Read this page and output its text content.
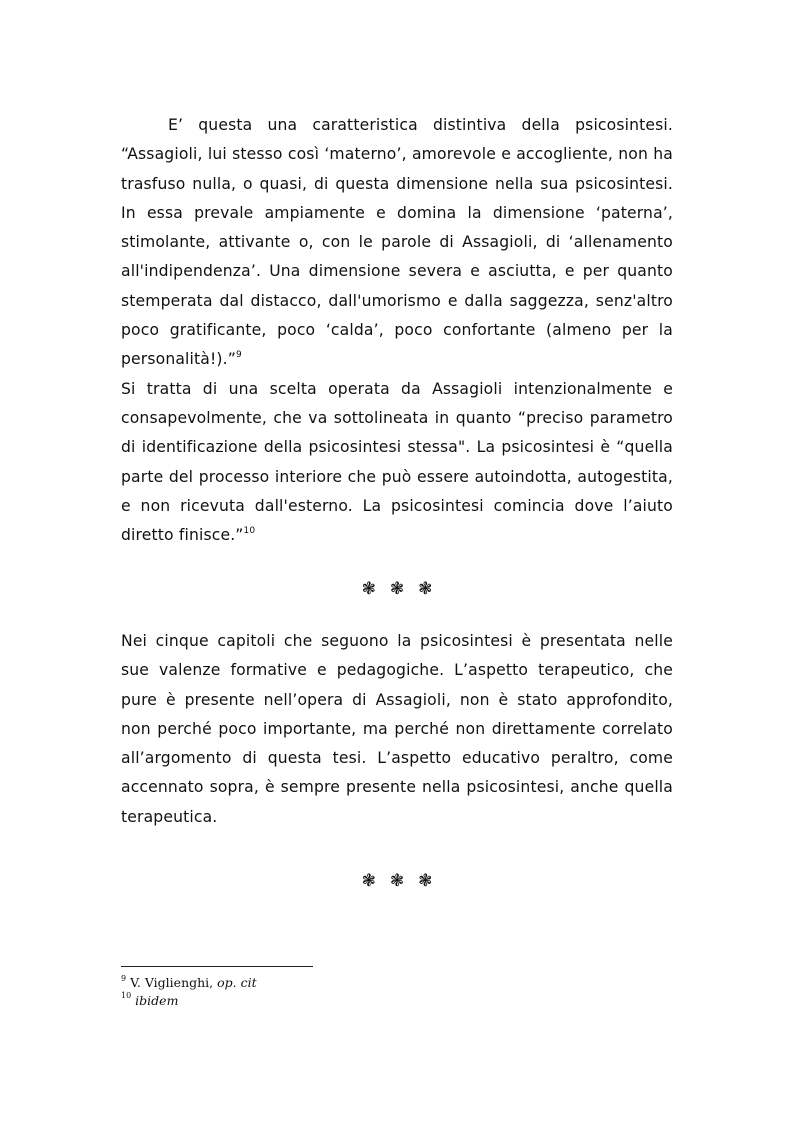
E’ questa una caratteristica distintiva della psicosintesi. “Assagioli, lui stesso così ‘materno’, amorevole e accogliente, non ha trasfuso nulla, o quasi, di questa dimensione nella sua psicosintesi. In essa prevale ampiamente e domina la dimensione ‘paterna’, stimolante, attivante o, con le parole di Assagioli, di ‘allenamento all'indipendenza’. Una dimensione severa e asciutta, e per quanto stemperata dal distacco, dall'umorismo e dalla saggezza, senz'altro poco gratificante, poco ‘calda’, poco confortante (almeno per la personalità!).”$^9$

Si tratta di una scelta operata da Assagioli intenzionalmente e consapevolmente, che va sottolineata in quanto “preciso parametro di identificazione della psicosintesi stessa". La psicosintesi è “quella parte del processo interiore che può essere autoindotta, autogestita, e non ricevuta dall'esterno. La psicosintesi comincia dove l’aiuto diretto finisce.”$^{10}$

❃ ❃ ❃

Nei cinque capitoli che seguono la psicosintesi è presentata nelle sue valenze formative e pedagogiche. L’aspetto terapeutico, che pure è presente nell’opera di Assagioli, non è stato approfondito, non perché poco importante, ma perché non direttamente correlato all’argomento di questa tesi. L’aspetto educativo peraltro, come accennato sopra, è sempre presente nella psicosintesi, anche quella terapeutica.

❃ ❃ ❃

$^9$ V. Viglienghi, op. cit

$^{10}$ ibidem
